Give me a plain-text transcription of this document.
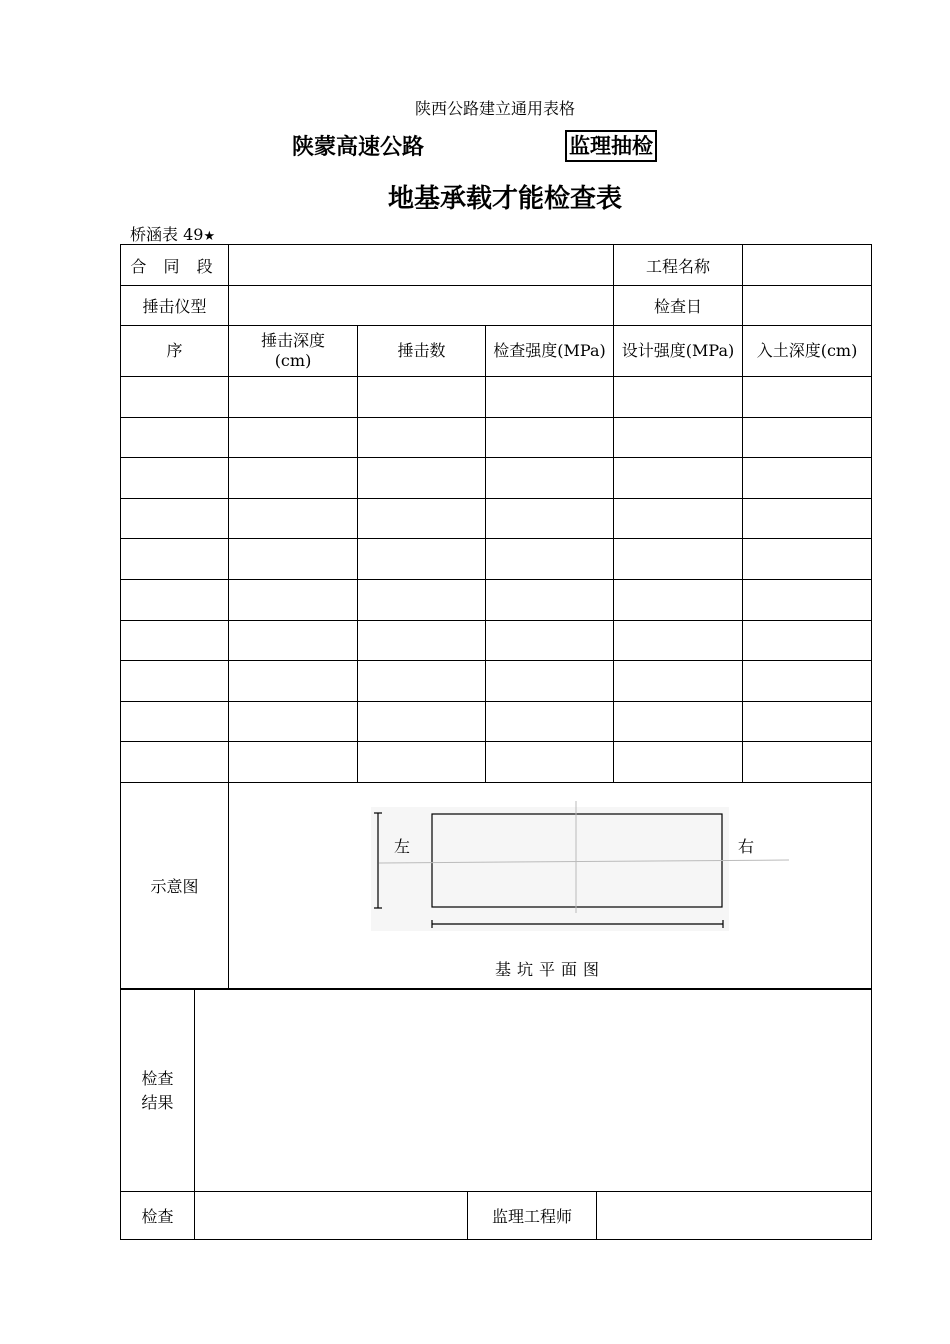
陕西公路建立通用表格
陕蒙高速公路	监理抽检
地基承载才能检查表
桥涵表 49★
合 同 段				工程名称	
捶击仪型				检查日	
序	捶击深度(cm)	捶击数	检查强度(MPa)	设计强度(MPa)	入土深度(cm)

示意图	左 右
基坑平面图				
检查
结果			

检查		监理工程师	
